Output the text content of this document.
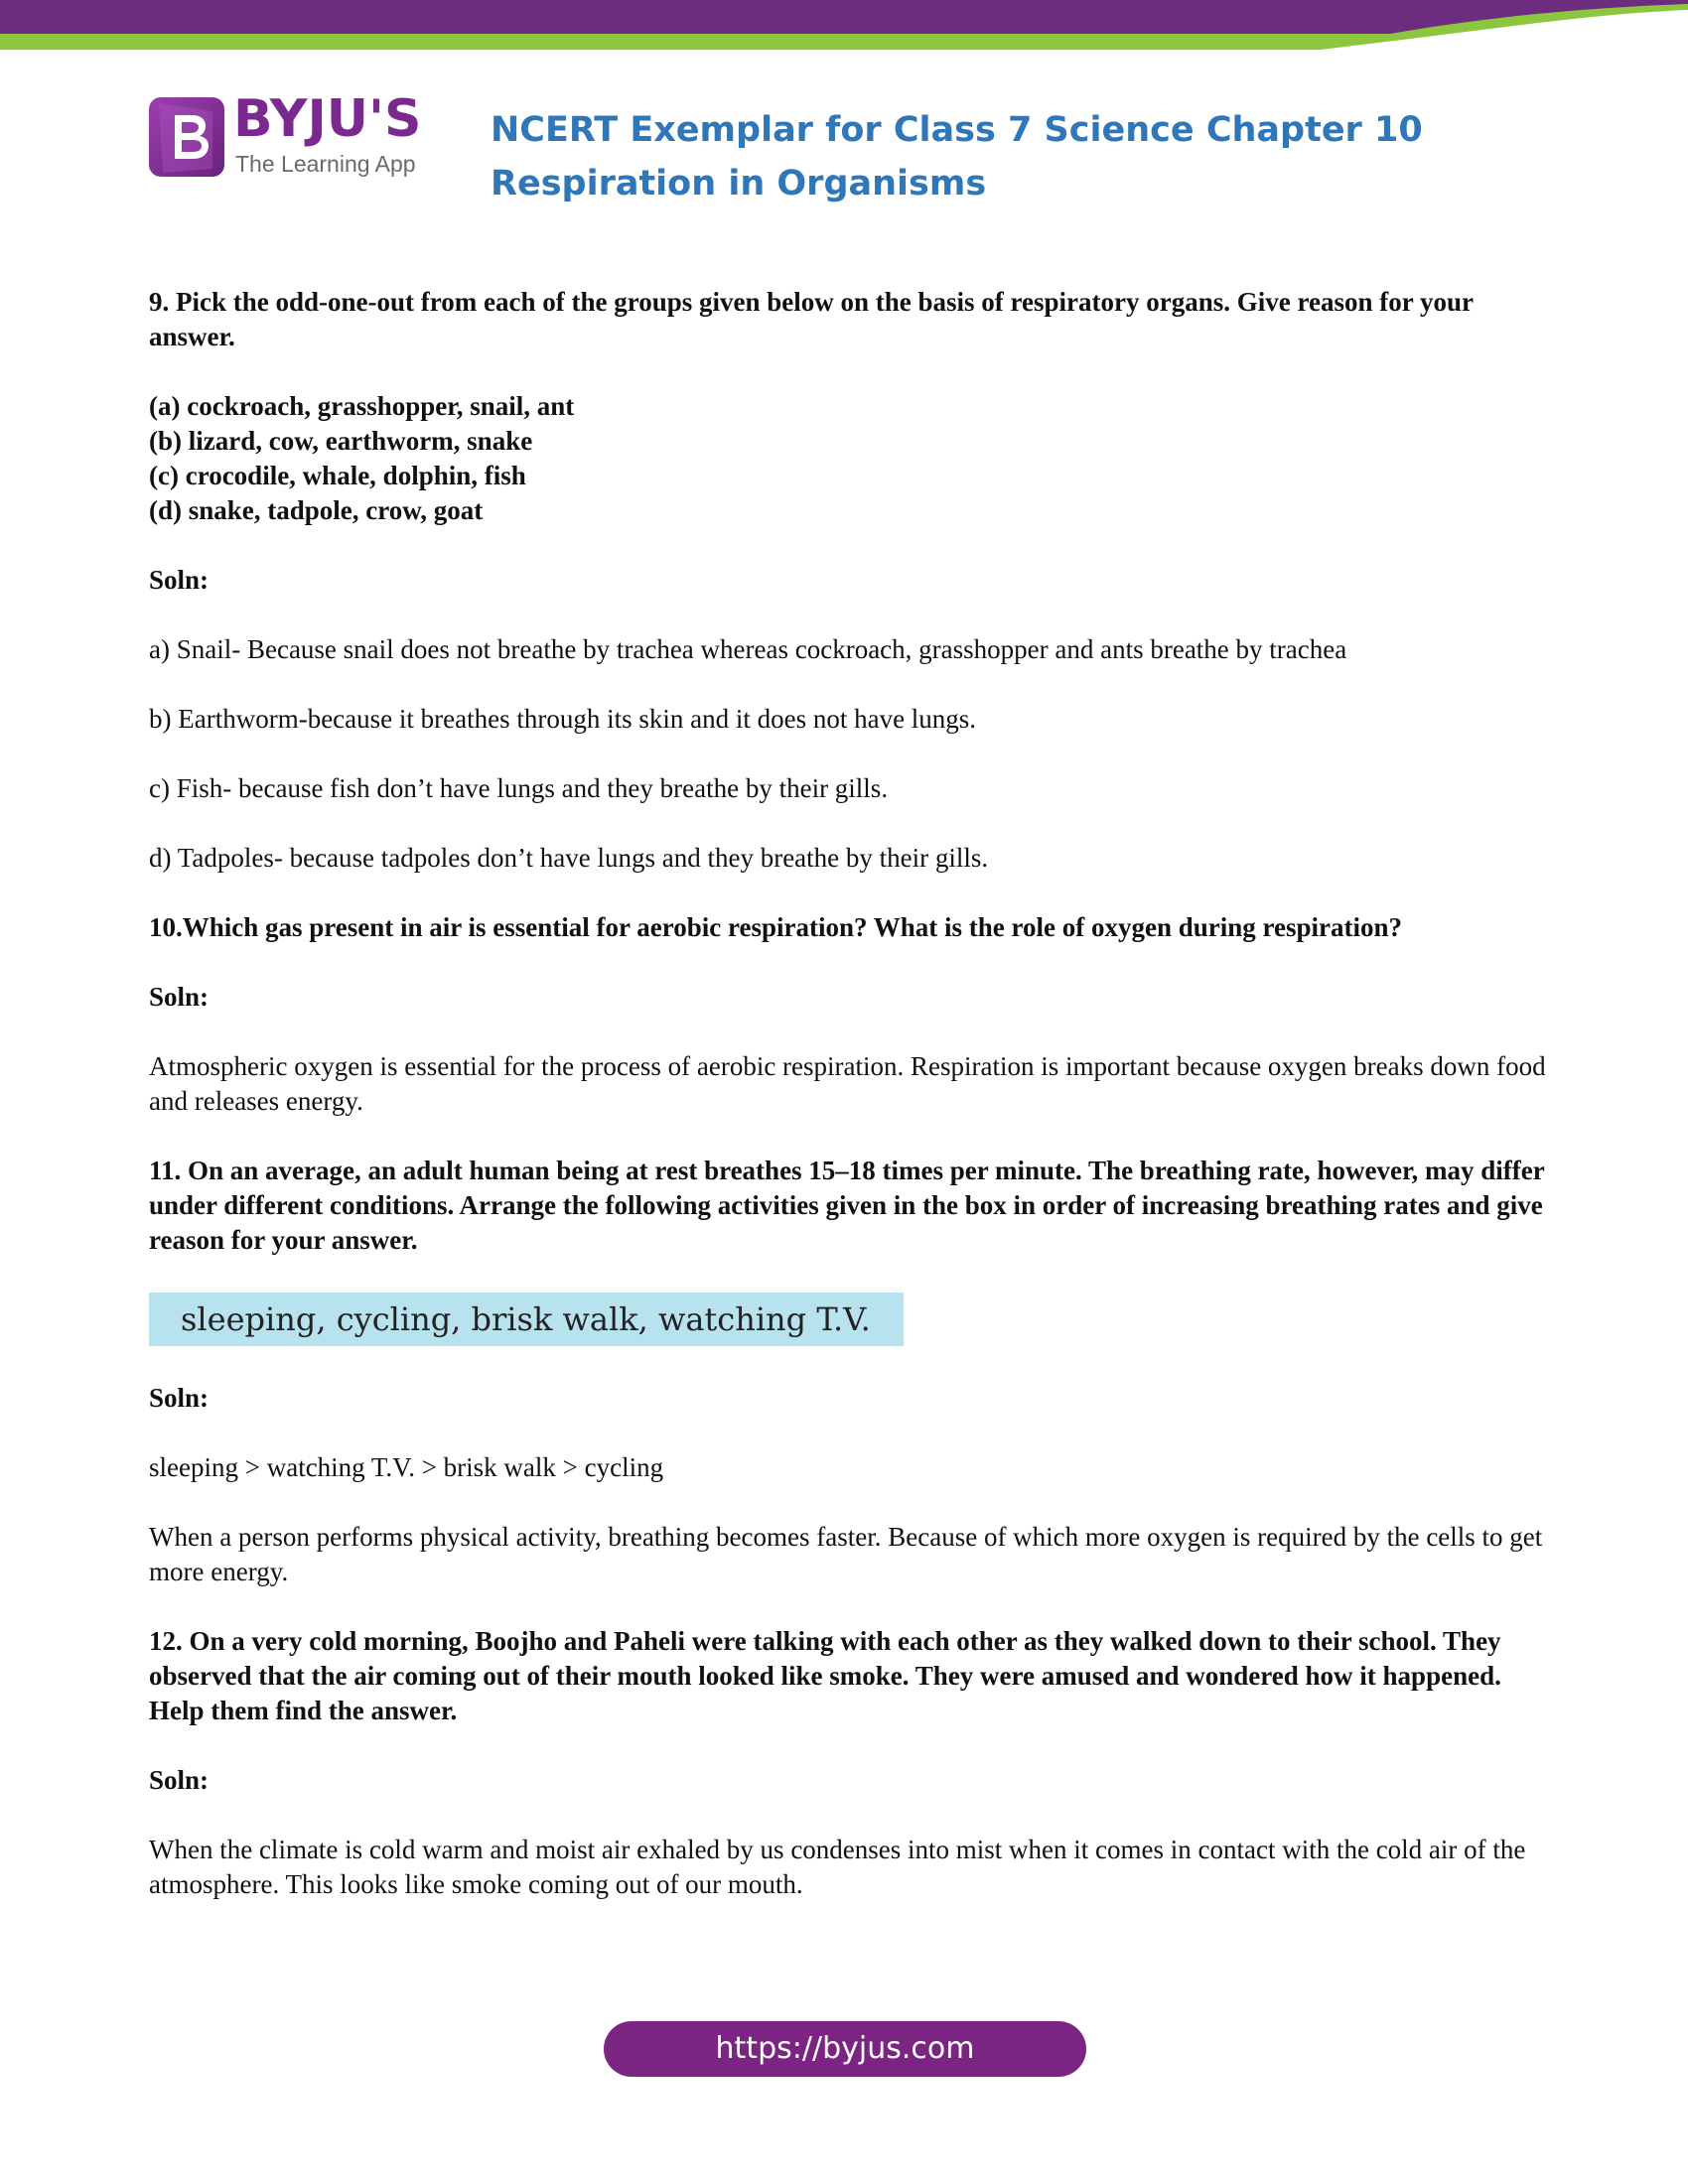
BYJU'S
The Learning App
NCERT Exemplar for Class 7 Science Chapter 10 Respiration in Organisms

9. Pick the odd-one-out from each of the groups given below on the basis of respiratory organs. Give reason for your answer.

(a) cockroach, grasshopper, snail, ant
(b) lizard, cow, earthworm, snake
(c) crocodile, whale, dolphin, fish
(d) snake, tadpole, crow, goat

Soln:

a) Snail- Because snail does not breathe by trachea whereas cockroach, grasshopper and ants breathe by trachea

b) Earthworm-because it breathes through its skin and it does not have lungs.

c) Fish- because fish don’t have lungs and they breathe by their gills.

d) Tadpoles- because tadpoles don’t have lungs and they breathe by their gills.

10.Which gas present in air is essential for aerobic respiration? What is the role of oxygen during respiration?

Soln:

Atmospheric oxygen is essential for the process of aerobic respiration. Respiration is important because oxygen breaks down food and releases energy.

11. On an average, an adult human being at rest breathes 15–18 times per minute. The breathing rate, however, may differ under different conditions. Arrange the following activities given in the box in order of increasing breathing rates and give reason for your answer.

sleeping, cycling, brisk walk, watching T.V.

Soln:

sleeping > watching T.V. > brisk walk > cycling

When a person performs physical activity, breathing becomes faster. Because of which more oxygen is required by the cells to get more energy.

12. On a very cold morning, Boojho and Paheli were talking with each other as they walked down to their school. They observed that the air coming out of their mouth looked like smoke. They were amused and wondered how it happened. Help them find the answer.

Soln:

When the climate is cold warm and moist air exhaled by us condenses into mist when it comes in contact with the cold air of the atmosphere. This looks like smoke coming out of our mouth.

https://byjus.com
